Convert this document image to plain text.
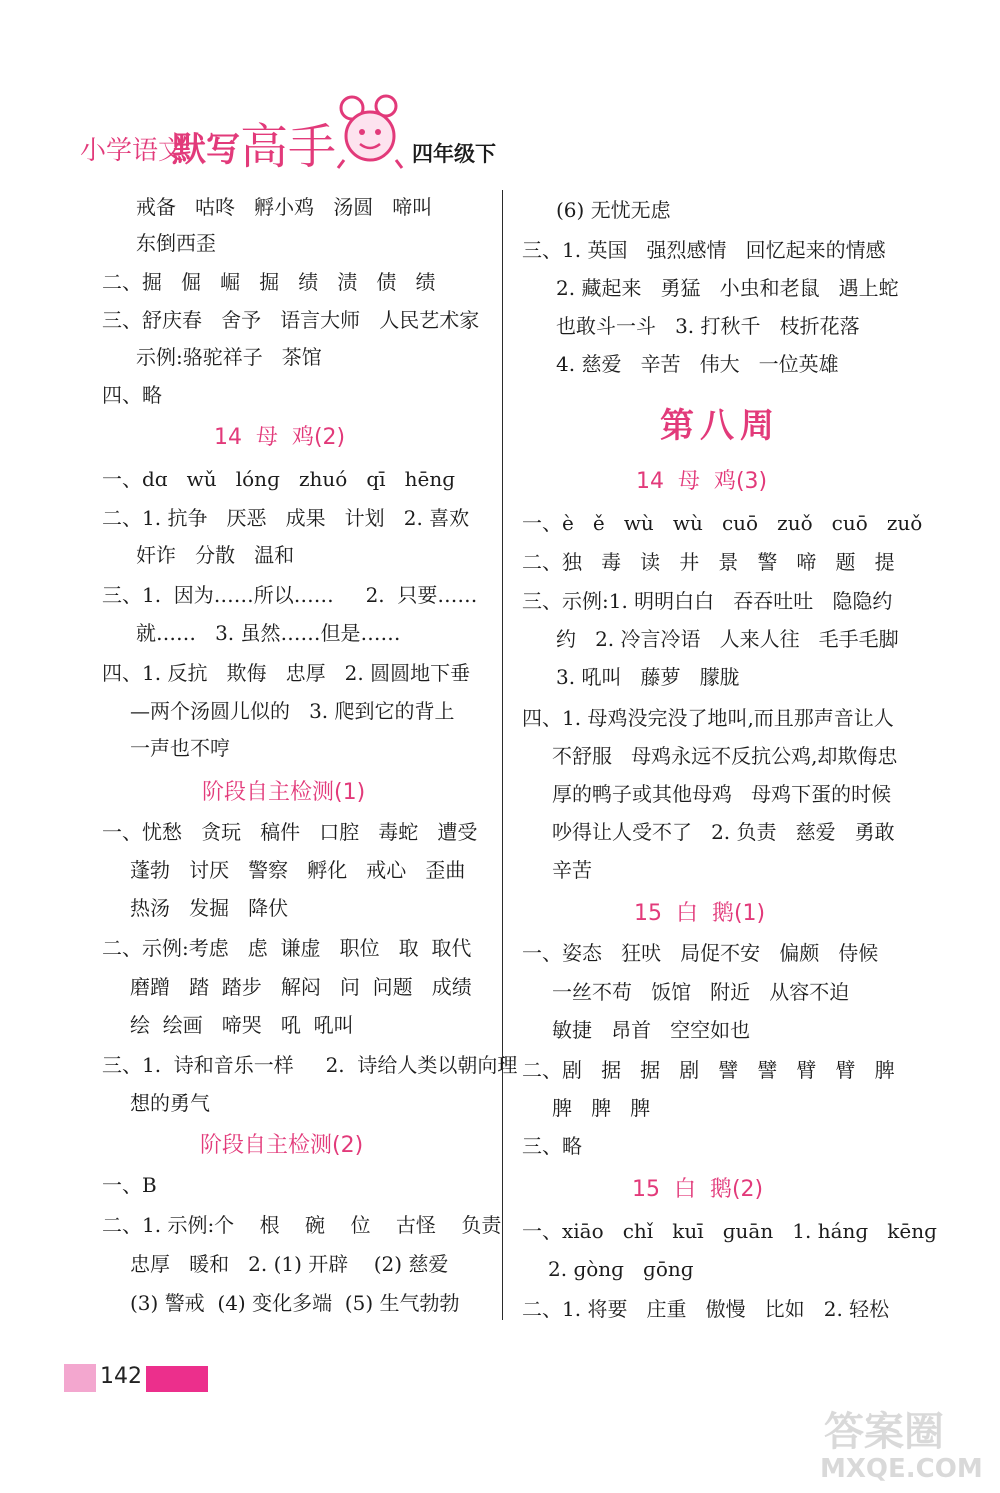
小学语文
默写 高手	四年级下
戒备   咕咚   孵小鸡   汤圆   啼叫
东倒西歪
二、掘   倔   崛   掘   绩   渍   债   绩
三、舒庆春   舍予   语言大师   人民艺术家
示例:骆驼祥子   茶馆
四、略
14  母  鸡(2)
一、dɑ   wǔ   lónɡ   zhuó   qī   hēnɡ
二、1. 抗争   厌恶   成果   计划   2. 喜欢
奸诈   分散   温和
三、1.  因为……所以……     2.  只要……
就……   3. 虽然……但是……
四、1. 反抗   欺侮   忠厚   2. 圆圆地下垂
—两个汤圆儿似的   3. 爬到它的背上
一声也不哼
阶段自主检测(1)
一、忧愁   贪玩   稿件   口腔   毒蛇   遭受
蓬勃   讨厌   警察   孵化   戒心   歪曲
热汤   发掘   降伏
二、示例:考虑   虑  谦虚   职位   取  取代
磨蹭   踏  踏步   解闷   问  问题   成绩
绘  绘画   啼哭   吼  吼叫
三、1.  诗和音乐一样     2.  诗给人类以朝向理
想的勇气
阶段自主检测(2)
一、B
二、1. 示例:个    根    碗    位    古怪    负责
忠厚   暖和   2. (1) 开辟    (2) 慈爱
(3) 警戒  (4) 变化多端  (5) 生气勃勃
(6) 无忧无虑
三、1. 英国   强烈感情   回忆起来的情感
2. 藏起来   勇猛   小虫和老鼠   遇上蛇
也敢斗一斗   3. 打秋千   枝折花落
4. 慈爱   辛苦   伟大   一位英雄
第八周
14  母  鸡(3)
一、è   ě   wù   wù   cuō   zuǒ   cuō   zuǒ
二、独   毒   读   井   景   警   啼   题   提
三、示例:1. 明明白白   吞吞吐吐   隐隐约
约   2. 冷言冷语   人来人往   毛手毛脚
3. 吼叫   藤萝   朦胧
四、1. 母鸡没完没了地叫,而且那声音让人
不舒服   母鸡永远不反抗公鸡,却欺侮忠
厚的鸭子或其他母鸡   母鸡下蛋的时候
吵得让人受不了   2. 负责   慈爱   勇敢
辛苦
15  白  鹅(1)
一、姿态   狂吠   局促不安   偏颇   侍候
一丝不苟   饭馆   附近   从容不迫
敏捷   昂首   空空如也
二、剧   据   据   剧   譬   譬   臂   臂   脾
脾   脾   脾
三、略
15  白  鹅(2)
一、xiāo   chǐ   kuī   ɡuān   1. hánɡ   kēnɡ
2. ɡònɡ   ɡōnɡ
二、1. 将要   庄重   傲慢   比如   2. 轻松
142
答案圈
MXQE.COM
